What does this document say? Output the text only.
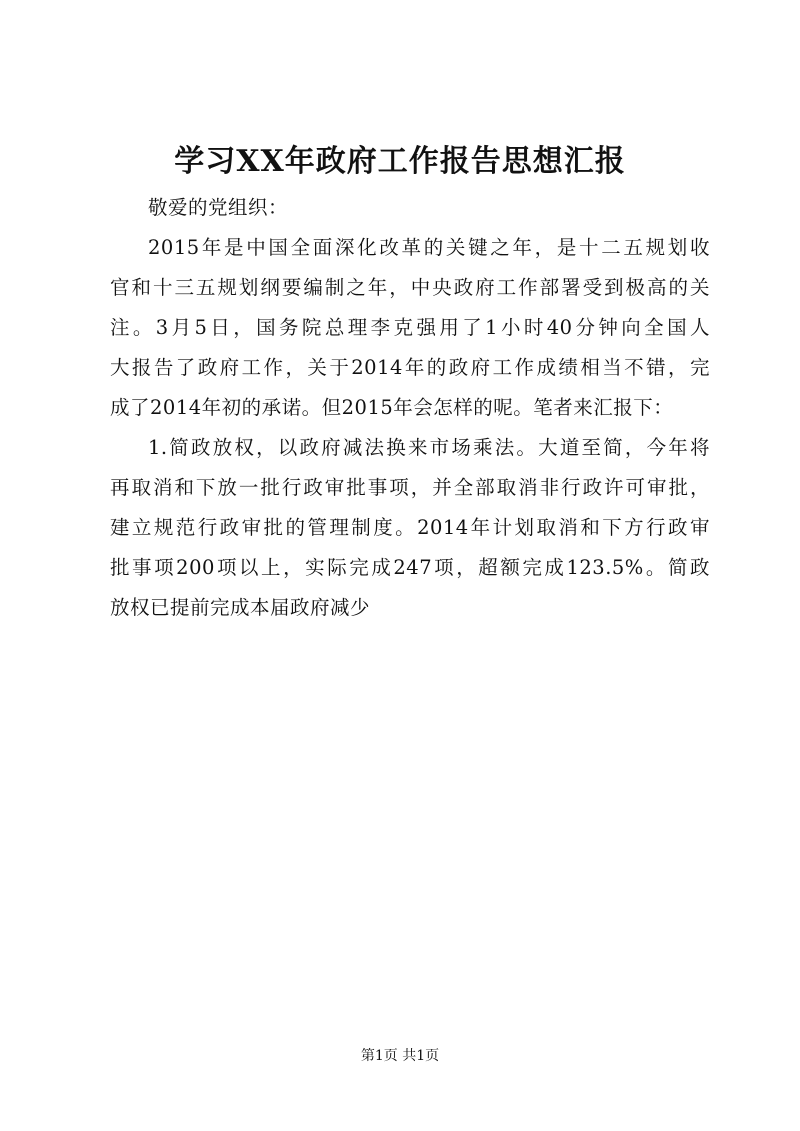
学习XX年政府工作报告思想汇报
敬爱的党组织：
2015年是中国全面深化改革的关键之年，是十二五规划收
官和十三五规划纲要编制之年，中央政府工作部署受到极高的关
注。3月5日，国务院总理李克强用了1小时40分钟向全国人
大报告了政府工作，关于2014年的政府工作成绩相当不错，完
成了2014年初的承诺。但2015年会怎样的呢。笔者来汇报下：
1.简政放权，以政府减法换来市场乘法。大道至简，今年将
再取消和下放一批行政审批事项，并全部取消非行政许可审批，
建立规范行政审批的管理制度。2014年计划取消和下方行政审
批事项200项以上，实际完成247项，超额完成123.5%。简政
放权已提前完成本届政府减少
第1页 共1页
